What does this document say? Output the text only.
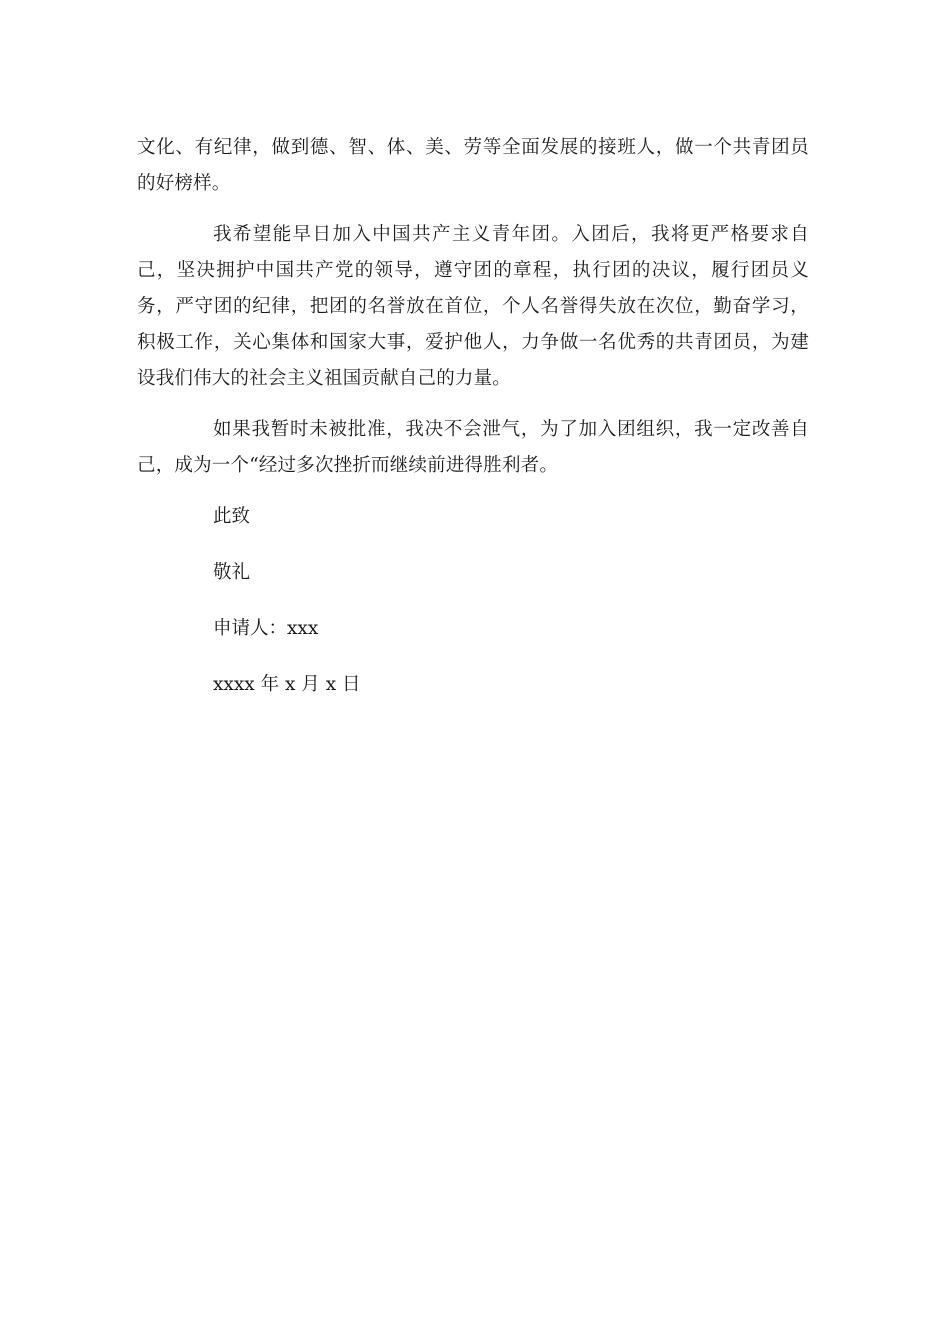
文化、有纪律，做到德、智、体、美、劳等全面发展的接班人，做一个共青团员的好榜样。

我希望能早日加入中国共产主义青年团。入团后，我将更严格要求自己，坚决拥护中国共产党的领导，遵守团的章程，执行团的决议，履行团员义务，严守团的纪律，把团的名誉放在首位，个人名誉得失放在次位，勤奋学习，积极工作，关心集体和国家大事，爱护他人，力争做一名优秀的共青团员，为建设我们伟大的社会主义祖国贡献自己的力量。

如果我暂时未被批准，我决不会泄气，为了加入团组织，我一定改善自己，成为一个“经过多次挫折而继续前进得胜利者。

此致

敬礼

申请人：xxx

xxxx 年 x 月 x 日
